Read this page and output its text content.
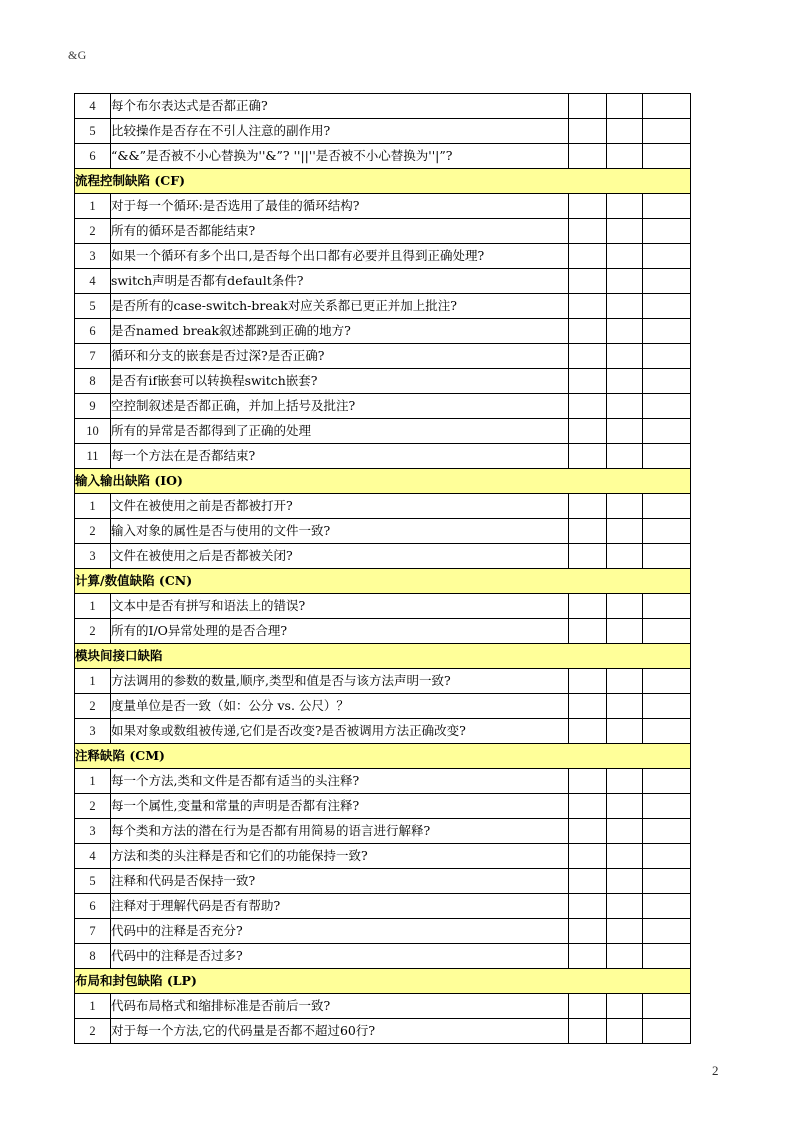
&G
4	每个布尔表达式是否都正确?			
5	比较操作是否存在不引人注意的副作用?			
6	“&&”是否被不小心替换为''&”? ''||''是否被不小心替换为''|”?			
流程控制缺陷 (CF)				
1	对于每一个循环:是否选用了最佳的循环结构?			
2	所有的循环是否都能结束?			
3	如果一个循环有多个出口,是否每个出口都有必要并且得到正确处理?			
4	switch声明是否都有default条件?			
5	是否所有的case-switch-break对应关系都已更正并加上批注?			
6	是否named break叙述都跳到正确的地方?			
7	循环和分支的嵌套是否过深?是否正确?			
8	是否有if嵌套可以转换程switch嵌套?			
9	空控制叙述是否都正确，并加上括号及批注?			
10	所有的异常是否都得到了正确的处理			
11	每一个方法在是否都结束?			
输入输出缺陷 (IO)				
1	文件在被使用之前是否都被打开?			
2	输入对象的属性是否与使用的文件一致?			
3	文件在被使用之后是否都被关闭?			
计算/数值缺陷 (CN)				
1	文本中是否有拼写和语法上的错误?			
2	所有的I/O异常处理的是否合理?			
模块间接口缺陷				
1	方法调用的参数的数量,顺序,类型和值是否与该方法声明一致?			
2	度量单位是否一致（如：公分 vs. 公尺）？			
3	如果对象或数组被传递,它们是否改变?是否被调用方法正确改变?			
注释缺陷 (CM)				
1	每一个方法,类和文件是否都有适当的头注释?			
2	每一个属性,变量和常量的声明是否都有注释?			
3	每个类和方法的潜在行为是否都有用简易的语言进行解释?			
4	方法和类的头注释是否和它们的功能保持一致?			
5	注释和代码是否保持一致?			
6	注释对于理解代码是否有帮助?			
7	代码中的注释是否充分?			
8	代码中的注释是否过多?			
布局和封包缺陷 (LP)				
1	代码布局格式和缩排标准是否前后一致?			
2	对于每一个方法,它的代码量是否都不超过60行?			
2
